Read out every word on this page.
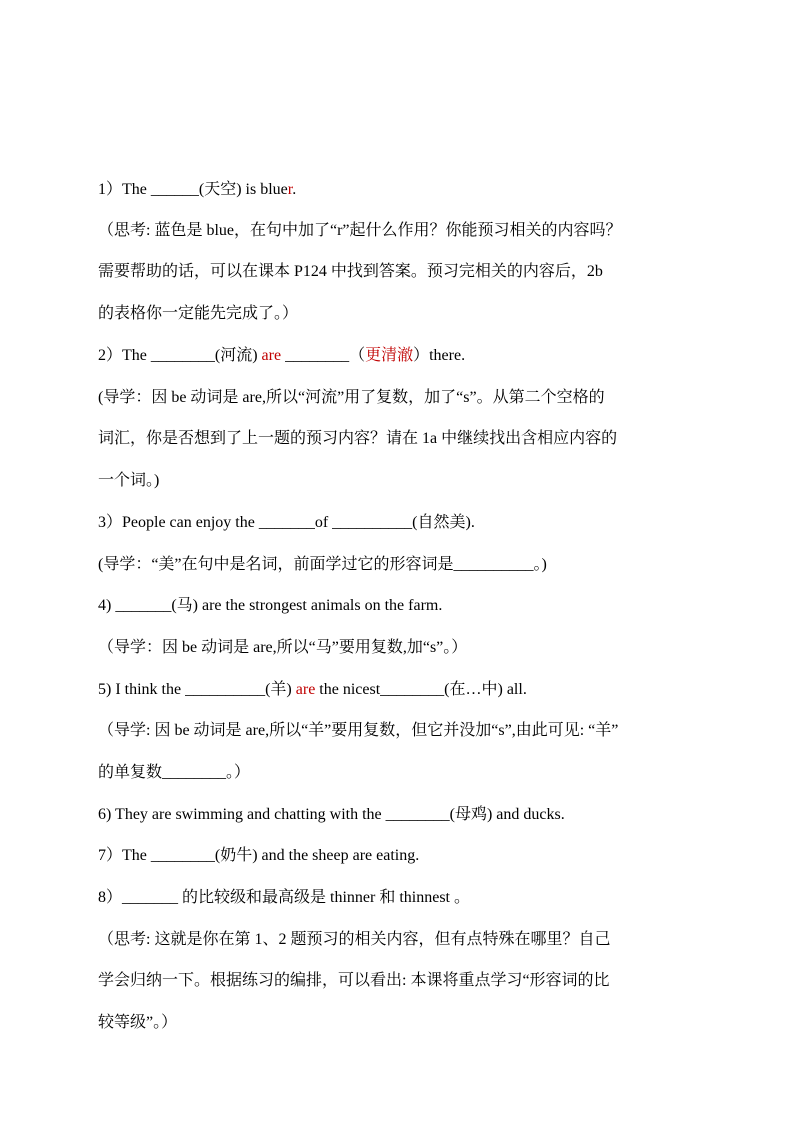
1）The ______(天空) is bluer.
（思考: 蓝色是 blue，在句中加了“r”起什么作用？你能预习相关的内容吗？
需要帮助的话，可以在课本 P124 中找到答案。预习完相关的内容后，2b
的表格你一定能先完成了。）
2）The ________(河流) are ________（更清澈）there.
(导学：因 be 动词是 are,所以“河流”用了复数，加了“s”。从第二个空格的
词汇，你是否想到了上一题的预习内容？请在 1a 中继续找出含相应内容的
一个词。)
3）People can enjoy the _______of __________(自然美).
(导学：“美”在句中是名词，前面学过它的形容词是__________。)
4) _______(马) are the strongest animals on the farm.
（导学：因 be 动词是 are,所以“马”要用复数,加“s”。）
5) I think the __________(羊) are the nicest________(在…中) all.
（导学: 因 be 动词是 are,所以“羊”要用复数，但它并没加“s”,由此可见: “羊”
的单复数________。）
6) They are swimming and chatting with the ________(母鸡) and ducks.
7）The ________(奶牛) and the sheep are eating.
8）_______ 的比较级和最高级是 thinner 和 thinnest 。
（思考: 这就是你在第 1、2 题预习的相关内容，但有点特殊在哪里？自己
学会归纳一下。根据练习的编排，可以看出: 本课将重点学习“形容词的比
较等级”。）
